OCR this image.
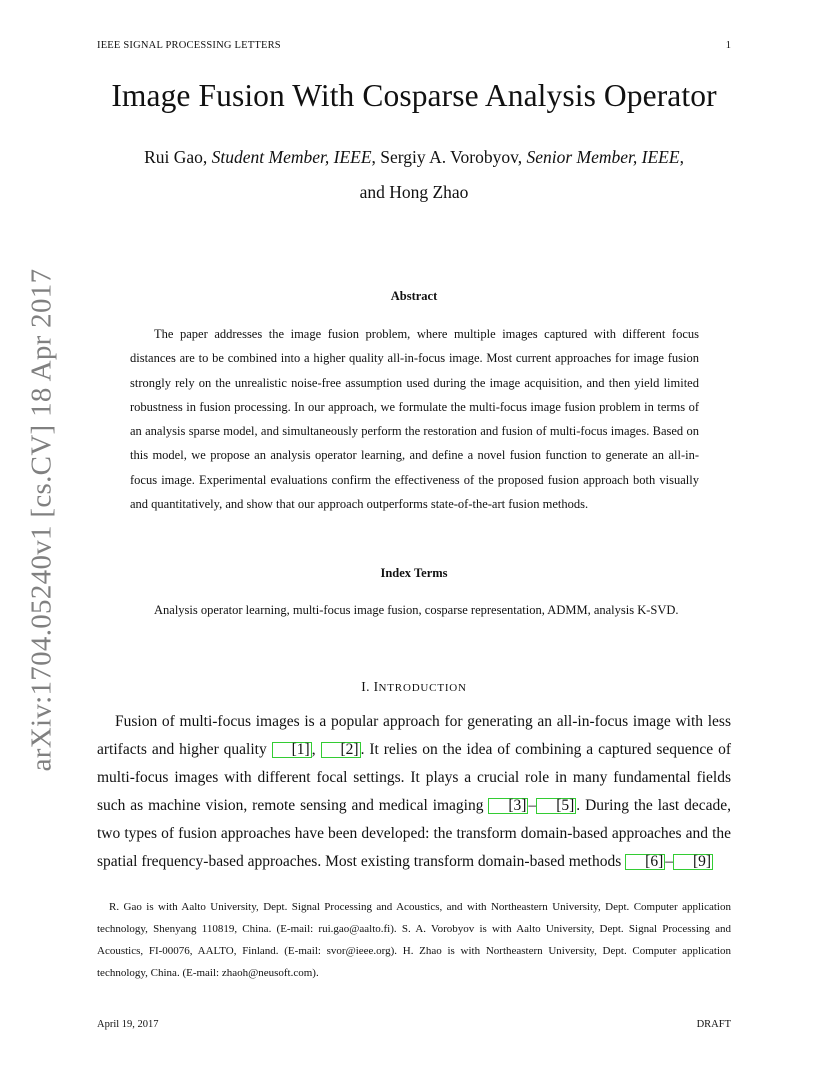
IEEE SIGNAL PROCESSING LETTERS	1
Image Fusion With Cosparse Analysis Operator
Rui Gao, Student Member, IEEE, Sergiy A. Vorobyov, Senior Member, IEEE,
and Hong Zhao
arXiv:1704.05240v1 [cs.CV] 18 Apr 2017	Abstract

The paper addresses the image fusion problem, where multiple images captured with different focus distances are to be combined into a higher quality all-in-focus image. Most current approaches for image fusion strongly rely on the unrealistic noise-free assumption used during the image acquisition, and then yield limited robustness in fusion processing. In our approach, we formulate the multi-focus image fusion problem in terms of an analysis sparse model, and simultaneously perform the restoration and fusion of multi-focus images. Based on this model, we propose an analysis operator learning, and define a novel fusion function to generate an all-in-focus image. Experimental evaluations confirm the effectiveness of the proposed fusion approach both visually and quantitatively, and show that our approach outperforms state-of-the-art fusion methods.

Index Terms

Analysis operator learning, multi-focus image fusion, cosparse representation, ADMM, analysis K-SVD.

I. INTRODUCTION

Fusion of multi-focus images is a popular approach for generating an all-in-focus image with less artifacts and higher quality [1] , [2] . It relies on the idea of combining a captured sequence of multi-focus images with different focal settings. It plays a crucial role in many fundamental fields such as machine vision, remote sensing and medical imaging [3] – [5] . During the last decade, two types of fusion approaches have been developed: the transform domain-based approaches and the spatial frequency-based approaches. Most existing transform domain-based methods [6] – [9]

R. Gao is with Aalto University, Dept. Signal Processing and Acoustics, and with Northeastern University, Dept. Computer application technology, Shenyang 110819, China. (E-mail: rui.gao@aalto.fi). S. A. Vorobyov is with Aalto University, Dept. Signal Processing and Acoustics, FI-00076, AALTO, Finland. (E-mail: svor@ieee.org). H. Zhao is with Northeastern University, Dept. Computer application technology, China. (E-mail: zhaoh@neusoft.com).

April 19, 2017	DRAFT
